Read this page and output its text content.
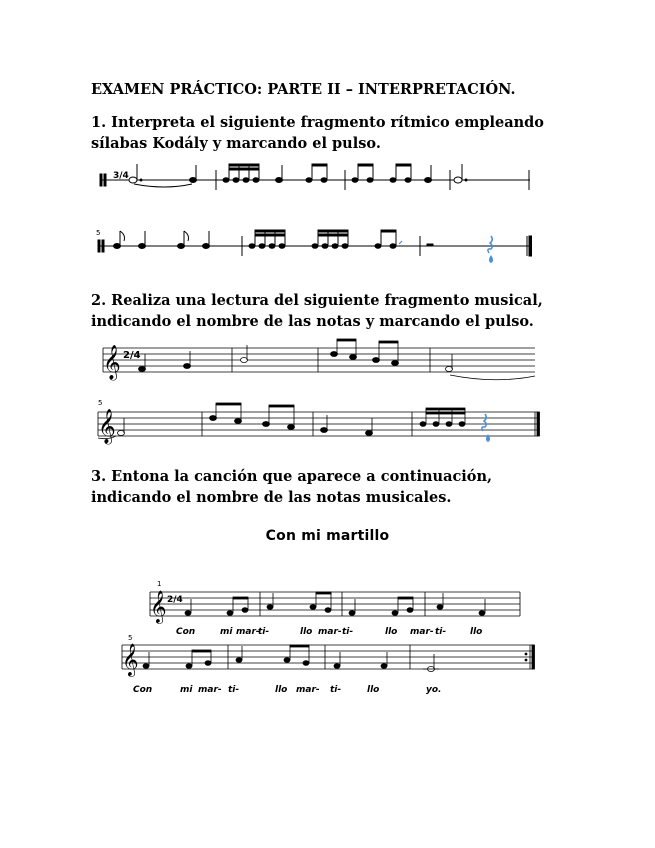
EXAMEN PRÁCTICO: PARTE II – INTERPRETACIÓN.

1. Interpreta el siguiente fragmento rítmico empleando sílabas Kodály y marcando el pulso.

3/4
5

2. Realiza una lectura del siguiente fragmento musical, indicando el nombre de las notas y marcando el pulso.

𝄞 2/4
5
𝄞

3. Entona la canción que aparece a continuación, indicando el nombre de las notas musicales.

Con mi martillo
1
𝄞 2/4
Con	mi mar-
ti-	llo mar- ti-	llo mar- ti-	llo
5
𝄞
Con	mi mar- ti-	llo mar- ti-	llo	yo.
